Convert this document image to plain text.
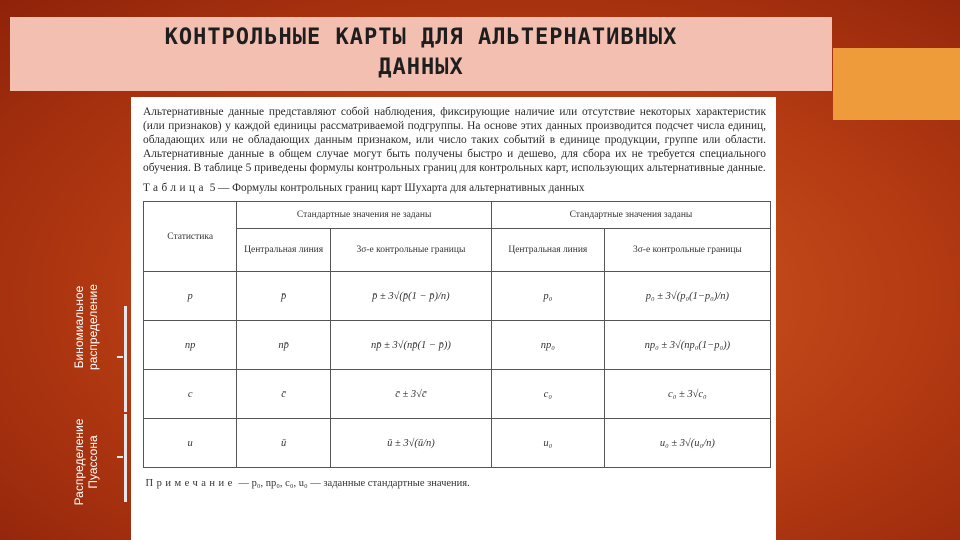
КОНТРОЛЬНЫЕ КАРТЫ ДЛЯ АЛЬТЕРНАТИВНЫХ
ДАННЫХ
Биномиальное
распределение
Распределение
Пуассона

Альтернативные данные представляют собой наблюдения, фиксирующие наличие или отсутствие некоторых характеристик (или признаков) у каждой единицы рассматриваемой подгруппы. На основе этих данных производится подсчет числа единиц, обладающих или не обладающих данным признаком, или число таких событий в единице продукции, группе или области. Альтернативные данные в общем случае могут быть получены быстро и дешево, для сбора их не требуется специального обучения. В таблице 5 приведены формулы контрольных границ для контрольных карт, использующих альтернативные данные.

Таблица 5 — Формулы контрольных границ карт Шухарта для альтернативных данных

Статистика	Стандартные значения не заданы		Стандартные значения заданы	
	Центральная линия	3σ-е контрольные границы	Центральная линия	3σ-е контрольные границы
p	p̄	p̄ ± 3√(p̄(1 − p̄)/n)	p₀	p₀ ± 3√(p₀(1−p₀)/n)
np	np̄	np̄ ± 3√(np̄(1 − p̄))	np₀	np₀ ± 3√(np₀(1−p₀))
c	c̄	c̄ ± 3√c̄	c₀	c₀ ± 3√c₀
u	ū	ū ± 3√(ū/n)	u₀	u₀ ± 3√(u₀/n)
Примечание — p₀, np₀, c₀, u₀ — заданные стандартные значения.				
